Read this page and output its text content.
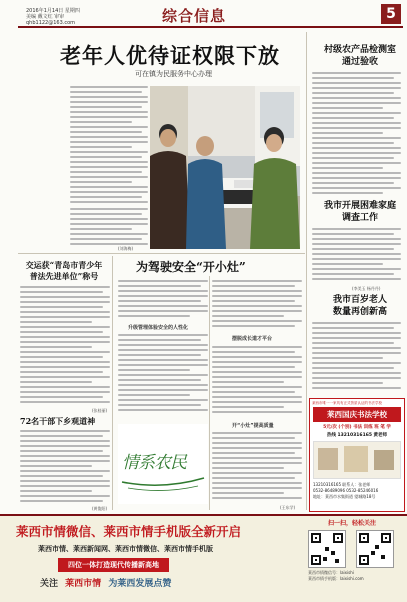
2016年1月14日 星期四
美编 戴文红 审审
qhb1122@163.com	综合信息	5
老年人优待证权限下放
可在镇为民服务中心办理
(刘海梅)
村级农产品检测室
通过验收
我市开展困难家庭
调查工作
(李美玉 杨丹丹)
我市百岁老人
数量再创新高
莱西市唯一一家具有正式资质认证的书法学校
莱西国庆书法学校
5元/次 (个别) 书法 训练 班 笔 学
热线 13210316165 黄老师
13210316165 联系人：张老师
0532-86489096 0532-85246016
地址：莱西市水集街道 望城路18号
交运获“青岛市青少年
普法先进单位”称号
(张桂丽)
72名干部下乡观道神
(黄俊阳)
为驾驶安全“开小灶”
升级管理体验安全的人性化
摆脱成长道才平台
开“小灶”提高质量
(王东学)
情系农民
莱西市情微信、莱西市情手机版全新开启
莱西市情、莱西新闻网、莱西市情微信、莱西市情手机版
四位一体打造现代传播新高地
关注 莱西市情 为莱西发展点赞
扫一扫，轻松关注
莱西市情微信号：laixishi
莱西市情手机版：laixishi.com
